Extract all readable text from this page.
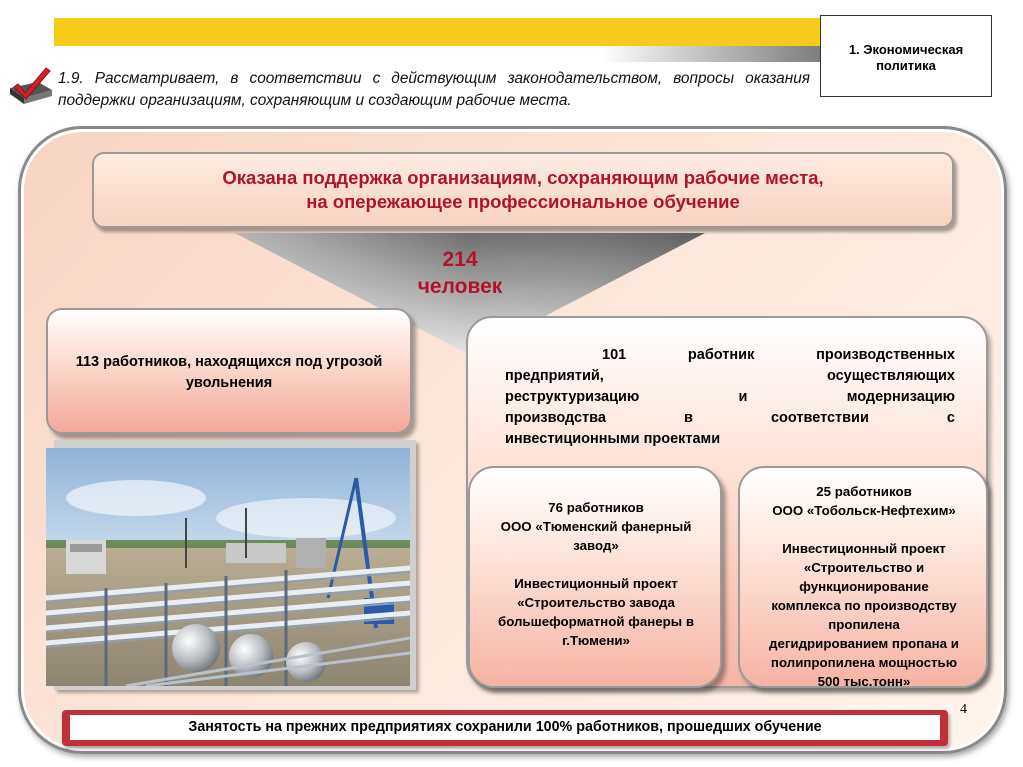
1. Экономическая политика
1.9. Рассматривает, в соответствии с действующим законодательством, вопросы оказания поддержки организациям, сохраняющим и создающим рабочие места.
Оказана поддержка организациям, сохраняющим рабочие места,
на опережающее профессиональное обучение
214
человек
113 работников, находящихся под угрозой увольнения
101 работник производственных
предприятий, осуществляющих
реструктуризацию и модернизацию
производства в соответствии с
инвестиционными проектами
76 работников
ООО «Тюменский фанерный
завод»
Инвестиционный проект
«Строительство завода
большеформатной фанеры в
г.Тюмени»
25 работников
ООО «Тобольск-Нефтехим»
Инвестиционный проект
«Строительство и
функционирование
комплекса по производству
пропилена
дегидрированием пропана и
полипропилена мощностью
500 тыс.тонн»
4
Занятость на прежних предприятиях сохранили 100% работников, прошедших обучение
